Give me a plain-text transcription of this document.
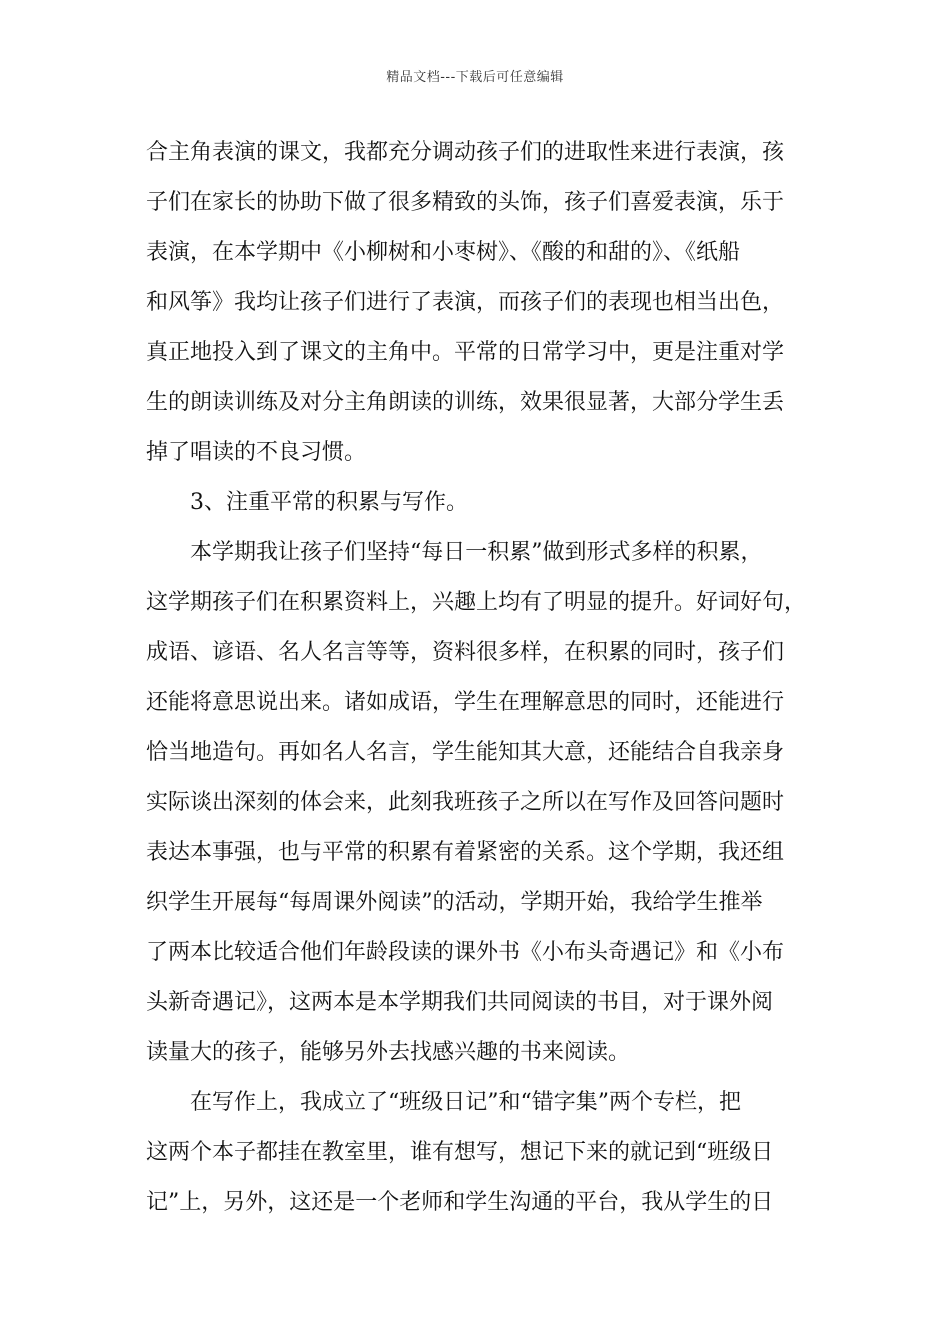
精品文档---下载后可任意编辑
合主角表演的课文，我都充分调动孩子们的进取性来进行表演，孩
子们在家长的协助下做了很多精致的头饰，孩子们喜爱表演，乐于
表演，在本学期中《小柳树和小枣树》、《酸的和甜的》、《纸船
和风筝》我均让孩子们进行了表演，而孩子们的表现也相当出色，
真正地投入到了课文的主角中。平常的日常学习中，更是注重对学
生的朗读训练及对分主角朗读的训练，效果很显著，大部分学生丢
掉了唱读的不良习惯。
3、注重平常的积累与写作。
本学期我让孩子们坚持“每日一积累”做到形式多样的积累，
这学期孩子们在积累资料上，兴趣上均有了明显的提升。好词好句，
成语、谚语、名人名言等等，资料很多样，在积累的同时，孩子们
还能将意思说出来。诸如成语，学生在理解意思的同时，还能进行
恰当地造句。再如名人名言，学生能知其大意，还能结合自我亲身
实际谈出深刻的体会来，此刻我班孩子之所以在写作及回答问题时
表达本事强，也与平常的积累有着紧密的关系。这个学期，我还组
织学生开展每“每周课外阅读”的活动，学期开始，我给学生推举
了两本比较适合他们年龄段读的课外书《小布头奇遇记》和《小布
头新奇遇记》，这两本是本学期我们共同阅读的书目，对于课外阅
读量大的孩子，能够另外去找感兴趣的书来阅读。
在写作上，我成立了“班级日记”和“错字集”两个专栏，把
这两个本子都挂在教室里，谁有想写，想记下来的就记到“班级日
记”上，另外，这还是一个老师和学生沟通的平台，我从学生的日
